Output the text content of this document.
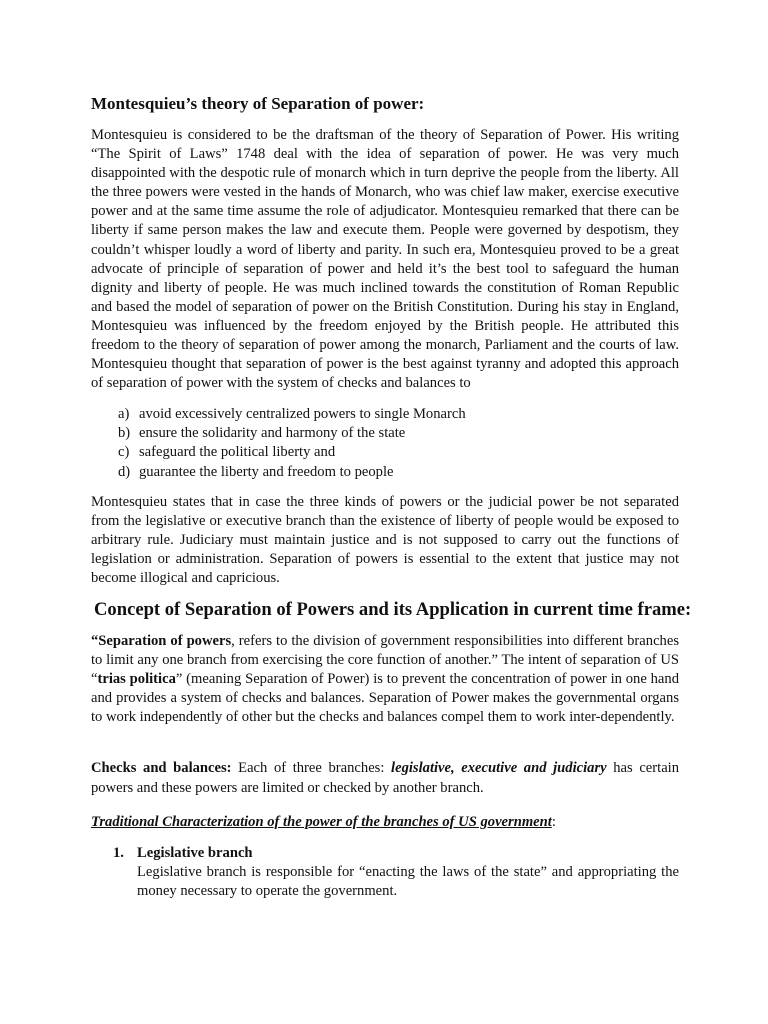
Montesquieu’s theory of Separation of power:

Montesquieu is considered to be the draftsman of the theory of Separation of Power. His writing “The Spirit of Laws” 1748 deal with the idea of separation of power. He was very much disappointed with the despotic rule of monarch which in turn deprive the people from the liberty. All the three powers were vested in the hands of Monarch, who was chief law maker, exercise executive power and at the same time assume the role of adjudicator. Montesquieu remarked that there can be liberty if same person makes the law and execute them. People were governed by despotism, they couldn’t whisper loudly a word of liberty and parity. In such era, Montesquieu proved to be a great advocate of principle of separation of power and held it’s the best tool to safeguard the human dignity and liberty of people. He was much inclined towards the constitution of Roman Republic and based the model of separation of power on the British Constitution. During his stay in England, Montesquieu was influenced by the freedom enjoyed by the British people. He attributed this freedom to the theory of separation of power among the monarch, Parliament and the courts of law. Montesquieu thought that separation of power is the best against tyranny and adopted this approach of separation of power with the system of checks and balances to

a) avoid excessively centralized powers to single Monarch
b) ensure the solidarity and harmony of the state
c) safeguard the political liberty and
d) guarantee the liberty and freedom to people

Montesquieu states that in case the three kinds of powers or the judicial power be not separated from the legislative or executive branch than the existence of liberty of people would be exposed to arbitrary rule. Judiciary must maintain justice and is not supposed to carry out the functions of legislation or administration. Separation of powers is essential to the extent that justice may not become illogical and capricious.

Concept of Separation of Powers and its Application in current time frame:

“Separation of powers, refers to the division of government responsibilities into different branches to limit any one branch from exercising the core function of another.” The intent of separation of US “trias politica” (meaning Separation of Power) is to prevent the concentration of power in one hand and provides a system of checks and balances. Separation of Power makes the governmental organs to work independently of other but the checks and balances compel them to work inter-dependently.

Checks and balances: Each of three branches: legislative, executive and judiciary has certain powers and these powers are limited or checked by another branch.

Traditional Characterization of the power of the branches of US government:

1. Legislative branch
Legislative branch is responsible for “enacting the laws of the state” and appropriating the money necessary to operate the government.
